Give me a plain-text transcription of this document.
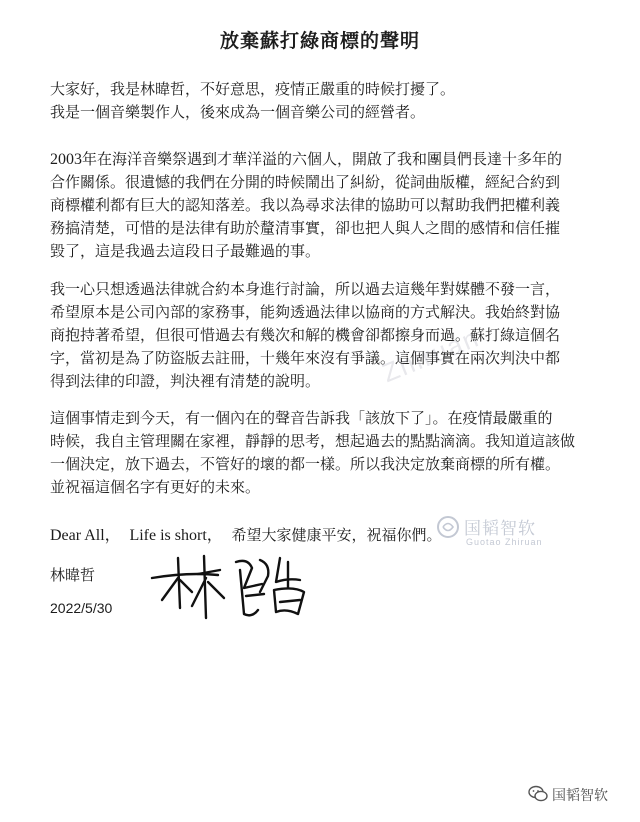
Zhiruan
放棄蘇打綠商標的聲明
大家好，我是林暐哲，不好意思，疫情正嚴重的時候打擾了。
我是一個音樂製作人，後來成為一個音樂公司的經營者。
2003年在海洋音樂祭遇到才華洋溢的六個人，開啟了我和團員們長達十多年的
合作關係。很遺憾的我們在分開的時候鬧出了糾紛，從詞曲版權，經紀合約到
商標權利都有巨大的認知落差。我以為尋求法律的協助可以幫助我們把權利義
務搞清楚，可惜的是法律有助於釐清事實，卻也把人與人之間的感情和信任摧
毀了，這是我過去這段日子最難過的事。
我一心只想透過法律就合約本身進行討論，所以過去這幾年對媒體不發一言，
希望原本是公司內部的家務事，能夠透過法律以協商的方式解決。我始終對協
商抱持著希望，但很可惜過去有幾次和解的機會卻都擦身而過。蘇打綠這個名
字，當初是為了防盜版去註冊，十幾年來沒有爭議。這個事實在兩次判決中都
得到法律的印證，判決裡有清楚的說明。
這個事情走到今天，有一個內在的聲音告訴我「該放下了」。在疫情最嚴重的
時候，我自主管理關在家裡，靜靜的思考，想起過去的點點滴滴。我知道這該做
一個決定，放下過去，不管好的壞的都一樣。所以我決定放棄商標的所有權。
並祝福這個名字有更好的未來。
Dear All， Life is short， 希望大家健康平安，祝福你們。 国韬智软
Guotao Zhiruan
林暐哲
2022/5/30
国韬智软
